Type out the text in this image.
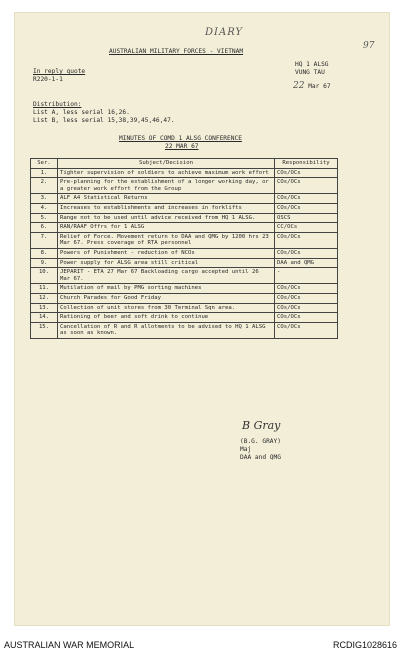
DIARY
97
AUSTRALIAN MILITARY FORCES - VIETNAM
HQ 1 ALSG
VUNG TAU
22 Mar 67
In reply quote
R220-1-1
Distribution:
List A, less serial 16,26.
List B, less serial 15,38,39,45,46,47.
MINUTES OF COMD 1 ALSG CONFERENCE
22 MAR 67
Ser.	Subject/Decision	Responsibility
1.	Tighter supervision of soldiers to achieve maximum work effort	COs/OCs
2.	Pre-planning for the establishment of a longer working day, or a greater work effort from the Group	COs/OCs
3.	ALF A4 Statistical Returns	COs/OCs
4.	Increases to establishments and increases in forklifts	COs/OCs
5.	Range not to be used until advice received from HQ 1 ALSG.	OSCS
6.	RAN/RAAF Offrs for 1 ALSG	CC/OCs
7.	Relief of Force. Movement return to DAA and QMG by 1200 hrs 23 Mar 67. Press coverage of RTA personnel	COs/OCs
8.	Powers of Punishment - reduction of NCOs	COs/OCs
9.	Power supply for ALSG area still critical	DAA and QMG
10.	JEPARIT - ETA 27 Mar 67 Backloading cargo accepted until 26 Mar 67.	-
11.	Mutilation of mail by PMG sorting machines	COs/OCs
12.	Church Parades for Good Friday	COs/OCs
13.	Collection of unit stores from 30 Terminal Sqn area.	COs/OCs
14.	Rationing of beer and soft drink to continue	COs/OCs
15.	Cancellation of R and R allotments to be advised to HQ 1 ALSG as soon as known.	COs/OCs
B Gray
(B.G. GRAY)
Maj
DAA and QMG
AUSTRALIAN WAR MEMORIAL	RCDIG1028616
